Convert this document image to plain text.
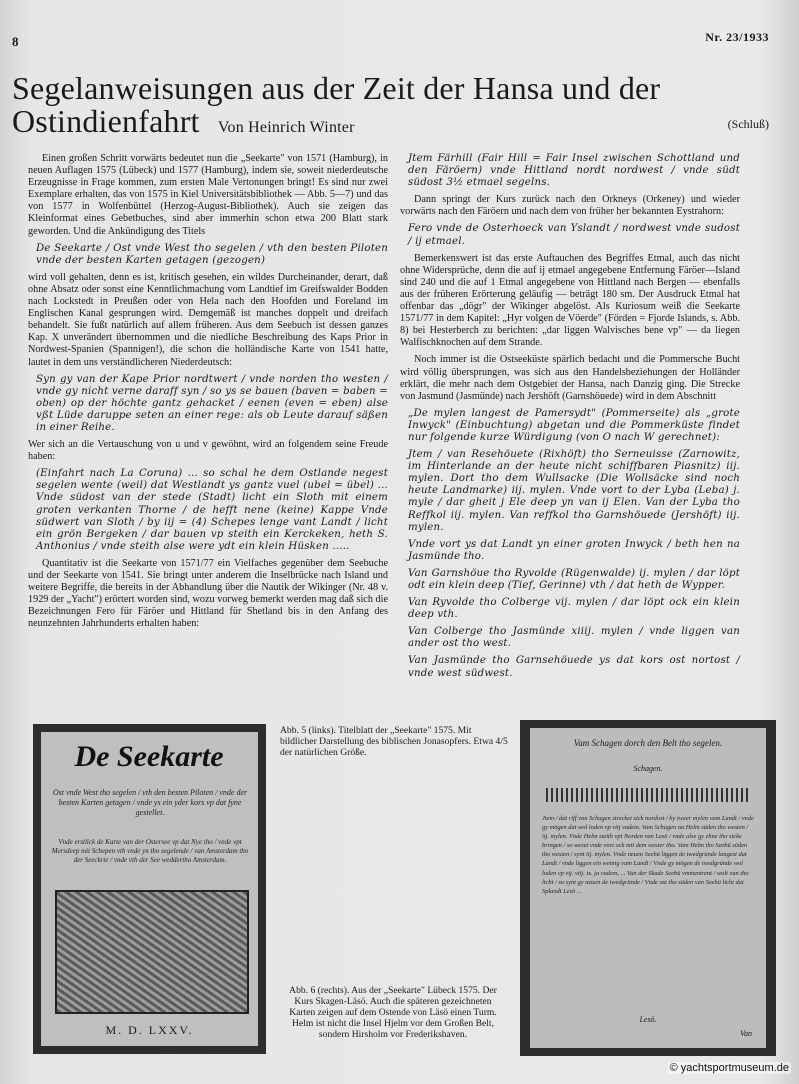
8	Nr. 23/1933
Segelanweisungen aus der Zeit der Hansa und der Ostindienfahrt Von Heinrich Winter	(Schluß)

Einen großen Schritt vorwärts bedeutet nun die „Seekarte" von 1571 (Hamburg), in neuen Auflagen 1575 (Lübeck) und 1577 (Hamburg), indem sie, soweit niederdeutsche Erzeugnisse in Frage kommen, zum ersten Male Vertonungen bringt! Es sind nur zwei Exemplare erhalten, das von 1575 in Kiel Universitätsbibliothek — Abb. 5—7) und das von 1577 in Wolfenbüttel (Herzog-August-Bibliothek). Auch sie zeigen das Kleinformat eines Gebetbuches, sind aber immerhin schon etwa 200 Blatt stark geworden. Und die Ankündigung des Titels

De Seekarte / Ost vnde West tho segelen / vth den besten Piloten vnde der besten Karten getagen (gezogen)

wird voll gehalten, denn es ist, kritisch gesehen, ein wildes Durcheinander, derart, daß ohne Absatz oder sonst eine Kenntlichmachung vom Landtief im Greifswalder Bodden nach Lockstedt in Preußen oder von Hela nach den Hoofden und Foreland im Englischen Kanal gesprungen wird. Demgemäß ist manches doppelt und dreifach behandelt. Sie fußt natürlich auf allem früheren. Aus dem Seebuch ist dessen ganzes Kap. X unverändert übernommen und die niedliche Beschreibung des Kaps Prior in Nordwest-Spanien (Spannigen!), die schon die holländische Karte von 1541 hatte, lautet in dem uns verständlicheren Niederdeutsch:

Syn gy van der Kape Prior nordtwert / vnde norden tho westen / vnde gy nicht verne daraff syn / so ys se bauen (baven = baben = oben) op der höchte gantz gehacket / eenen (even = eben) alse vßt Lüde daruppe seten an einer rege: als ob Leute darauf säßen in einer Reihe.

Wer sich an die Vertauschung von u und v gewöhnt, wird an folgendem seine Freude haben:

(Einfahrt nach La Coruna) ... so schal he dem Ostlande negest segelen wente (weil) dat Westlandt ys gantz vuel (ubel = übel) ... Vnde südost van der stede (Stadt) licht ein Sloth mit einem groten verkanten Thorne / de hefft nene (keine) Kappe Vnde südwert van Sloth / by iij = (4) Schepes lenge vant Landt / licht ein grön Bergeken / dar bauen vp steith ein Kerckeken, heth S. Anthonius / vnde steith alse were ydt ein klein Hüsken .....

Quantitativ ist die Seekarte von 1571/77 ein Vielfaches gegenüber dem Seebuche und der Seekarte von 1541. Sie bringt unter anderem die Inselbrücke nach Island und weitere Begriffe, die bereits in der Abhandlung über die Nautik der Wikinger (Nr. 48 v. 1929 der „Yacht") erörtert worden sind, wozu vorweg bemerkt werden mag daß sich die Bezeichnungen Fero für Färöer und Hittland für Shetland bis in den Anfang des neunzehnten Jahrhunderts erhalten haben:

Jtem Färhill (Fair Hill = Fair Insel zwischen Schottland und den Färöern) vnde Hittland nordt nordwest / vnde südt südost 3½ etmael segelns.

Dann springt der Kurs zurück nach den Orkneys (Orkeney) und wieder vorwärts nach den Färöern und nach dem von früher her bekannten Eystrahorn:

Fero vnde de Osterhoeck van Yslandt / nordwest vnde sudost / ij etmael.

Bemerkenswert ist das erste Auftauchen des Begriffes Etmal, auch das nicht ohne Widersprüche, denn die auf ij etmael angegebene Entfernung Färöer—Island sind 240 und die auf 1 Etmal angegebene von Hittland nach Bergen — ebenfalls aus der früheren Erörterung geläufig — beträgt 180 sm. Der Ausdruck Etmal hat offenbar das „dögr" der Wikinger abgelöst. Als Kuriosum weiß die Seekarte 1571/77 in dem Kapitel: „Hyr volgen de Vöerde" (Förden = Fjorde Islands, s. Abb. 8) bei Hesterberch zu berichten: „dar liggen Walvisches bene vp" — da liegen Walfischknochen auf dem Strande.

Noch immer ist die Ostseeküste spärlich bedacht und die Pommersche Bucht wird völlig übersprungen, was sich aus den Handelsbeziehungen der Holländer erklärt, die mehr nach dem Ostgebiet der Hansa, nach Danzig ging. Die Strecke von Jasmund (Jasmünde) nach Jershöft (Garnshöuede) wird in dem Abschnitt

„De mylen langest de Pamersydt" (Pommerseite) als „grote Inwyck" (Einbuchtung) abgetan und die Pommerküste findet nur folgende kurze Würdigung (von O nach W gerechnet):

Jtem / van Resehöuete (Rixhöft) tho Serneuisse (Zarnowitz, im Hinterlande an der heute nicht schiffbaren Piasnitz) iij. mylen. Dort tho dem Wullsacke (Die Wollsäcke sind noch heute Landmarke) iij. mylen. Vnde vort to der Lyba (Leba) j. myle / dar gheit j Ele deep yn van ij Elen. Van der Lyba tho Reffkol iij. mylen. Van reffkol tho Garnshöuede (Jershöft) iij. mylen.

Vnde vort ys dat Landt yn einer groten Inwyck / beth hen na Jasmünde tho.

Van Garnshöue tho Ryvolde (Rügenwalde) ij. mylen / dar löpt odt ein klein deep (Tief, Gerinne) vth / dat heth de Wypper.

Van Ryvolde tho Colberge vij. mylen / dar löpt ock ein klein deep vth.

Van Colberge tho Jasmünde xiiij. mylen / vnde liggen van ander ost tho west.

Van Jasmünde tho Garnsehöuede ys dat kors ost nortost / vnde west südwest.

De Seekarte
Ost vnde West tho segelen / vth den besten Piloten / vnde der besten Karten getagen / vnde ys ein yder kors vp dat fyne gestellet.
Vnde erstlick de Karte van der Ostersee vp dat Nye tho / vnde vpt Mersdeep mit Schepen vth vnde yn tho segelende / van Amsterdam tho der Seeckrte / vnde vth der See weddertho Amsterdam.
M. D. LXXV.
Abb. 5 (links). Titelblatt der „Seekarte" 1575. Mit bildlicher Darstellung des biblischen Jonasopfers. Etwa 4/5 der natürlichen Größe.
Abb. 6 (rechts). Aus der „Seekarte" Lübeck 1575. Der Kurs Skagen-Läsö. Auch die späteren gezeichneten Karten zeigen auf dem Ostende von Läsö einen Turm. Helm ist nicht die Insel Hjelm vor dem Großen Belt, sondern Hirsholm vor Frederikshaven.
Vam Schagen dorch den Belt tho segelen.
Schagen.
Jtem / dat riff van Schagen strecket sick nordost / by tweer mylen vam Landt / vnde gy mögen dat wol loden vp viij vadem. Vam Schagen na Helm süden tho westen / iij. mylen. Vnde Helm steith vpt Norden van Lesö / vnde alse gy ehne tho sicke bringen / so weset vnde vort ock mit dem wester tho. Vam Helm tho Seebü süden tho westen / synt iij. mylen. Vnde neuen Seebü liggen de twedgründe langest dat Landt / vnde liggen ein weinig vam Landt / Vnde gy mögen de twedgründe wol loden vp vij. viij. ix. ja vadem, ... Van der Skade Seebü vmmentrent / wolt van tho licht / so synt gy neuen de twedgründe / Vnde ost tho süden van Seebü licht dat Splandt Lesö ...
Lesö.
Van
© yachtsportmuseum.de
